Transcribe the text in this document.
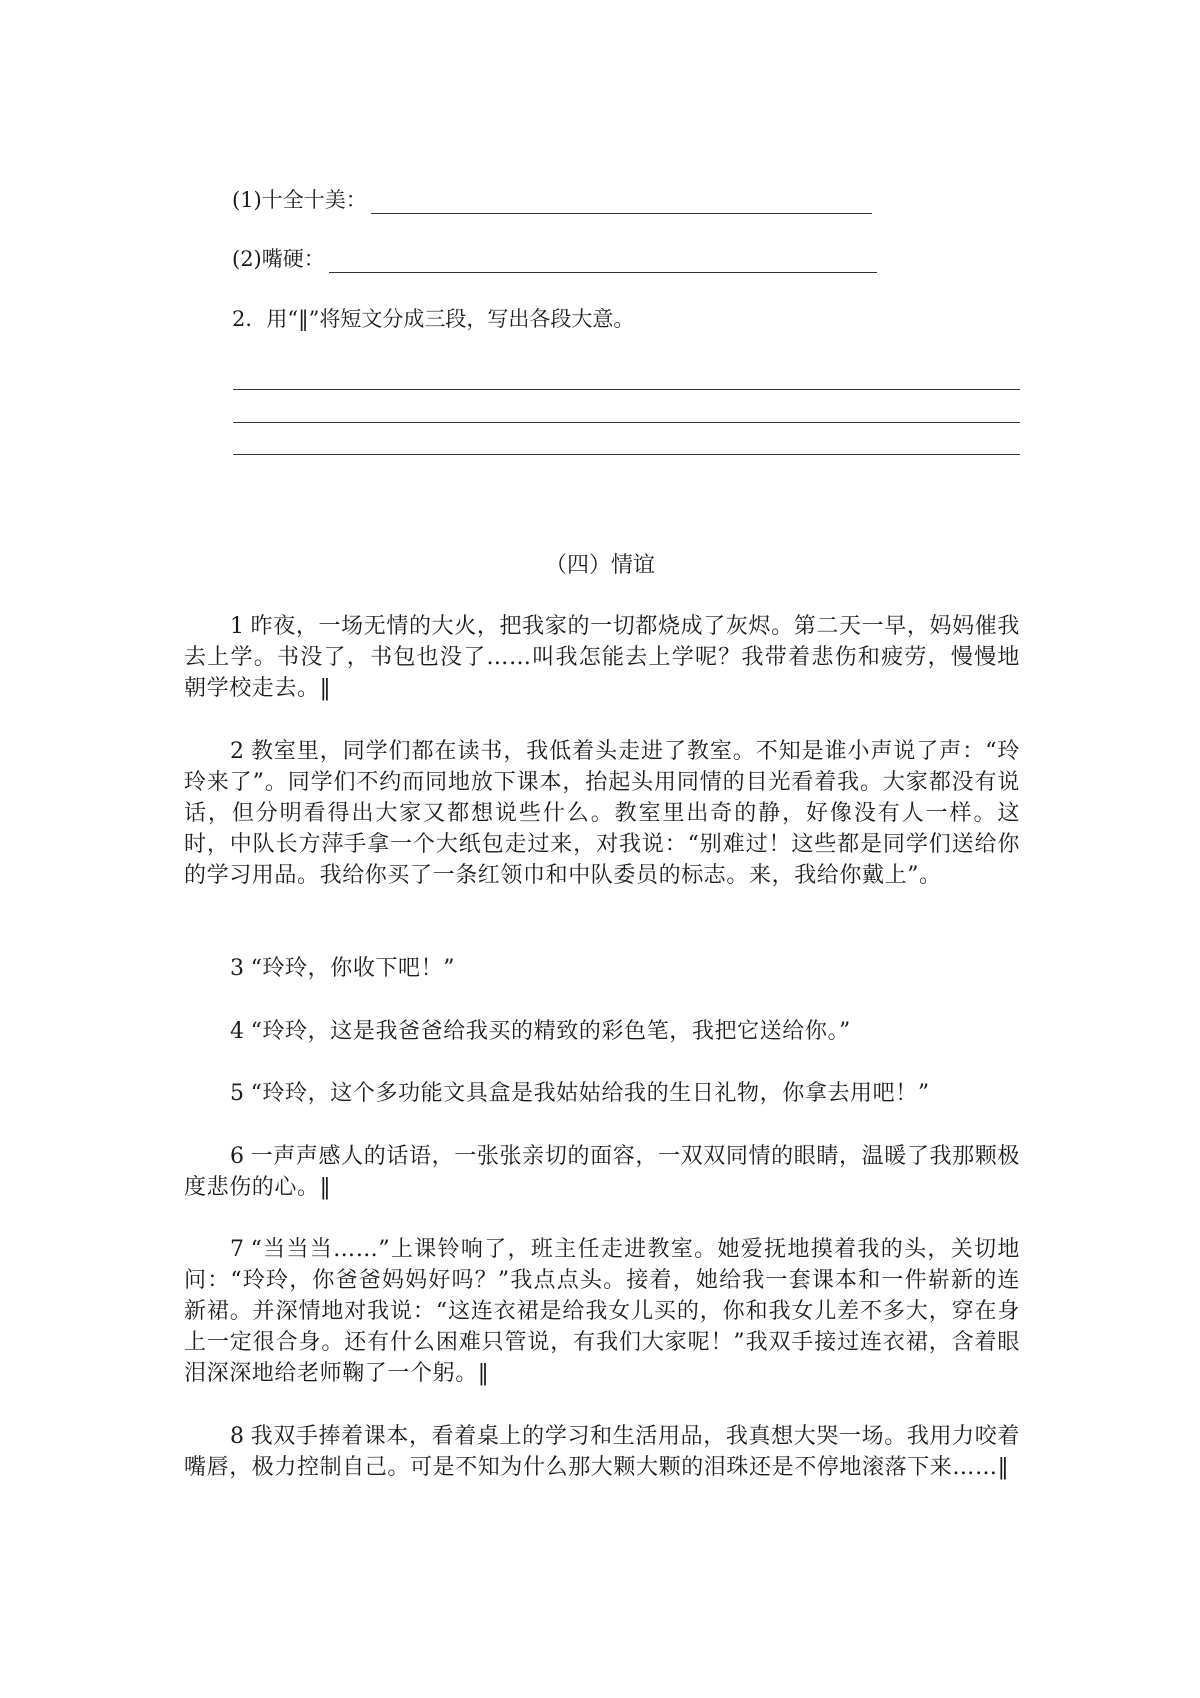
(1)十全十美：
(2)嘴硬：
2．用“‖”将短文分成三段，写出各段大意。
（四）情谊
1 昨夜，一场无情的大火，把我家的一切都烧成了灰烬。第二天一早，妈妈催我去上学。书没了，书包也没了……叫我怎能去上学呢？我带着悲伤和疲劳，慢慢地朝学校走去。‖
2 教室里，同学们都在读书，我低着头走进了教室。不知是谁小声说了声：“玲玲来了”。同学们不约而同地放下课本，抬起头用同情的目光看着我。大家都没有说话，但分明看得出大家又都想说些什么。教室里出奇的静，好像没有人一样。这时，中队长方萍手拿一个大纸包走过来，对我说：“别难过！这些都是同学们送给你的学习用品。我给你买了一条红领巾和中队委员的标志。来，我给你戴上”。
3 “玲玲，你收下吧！”
4 “玲玲，这是我爸爸给我买的精致的彩色笔，我把它送给你。”
5 “玲玲，这个多功能文具盒是我姑姑给我的生日礼物，你拿去用吧！”
6 一声声感人的话语，一张张亲切的面容，一双双同情的眼睛，温暖了我那颗极度悲伤的心。‖
7 “当当当……”上课铃响了，班主任走进教室。她爱抚地摸着我的头，关切地问：“玲玲，你爸爸妈妈好吗？”我点点头。接着，她给我一套课本和一件崭新的连新裙。并深情地对我说：“这连衣裙是给我女儿买的，你和我女儿差不多大，穿在身上一定很合身。还有什么困难只管说，有我们大家呢！”我双手接过连衣裙，含着眼泪深深地给老师鞠了一个躬。‖
8 我双手捧着课本，看着桌上的学习和生活用品，我真想大哭一场。我用力咬着嘴唇，极力控制自己。可是不知为什么那大颗大颗的泪珠还是不停地滚落下来……‖
